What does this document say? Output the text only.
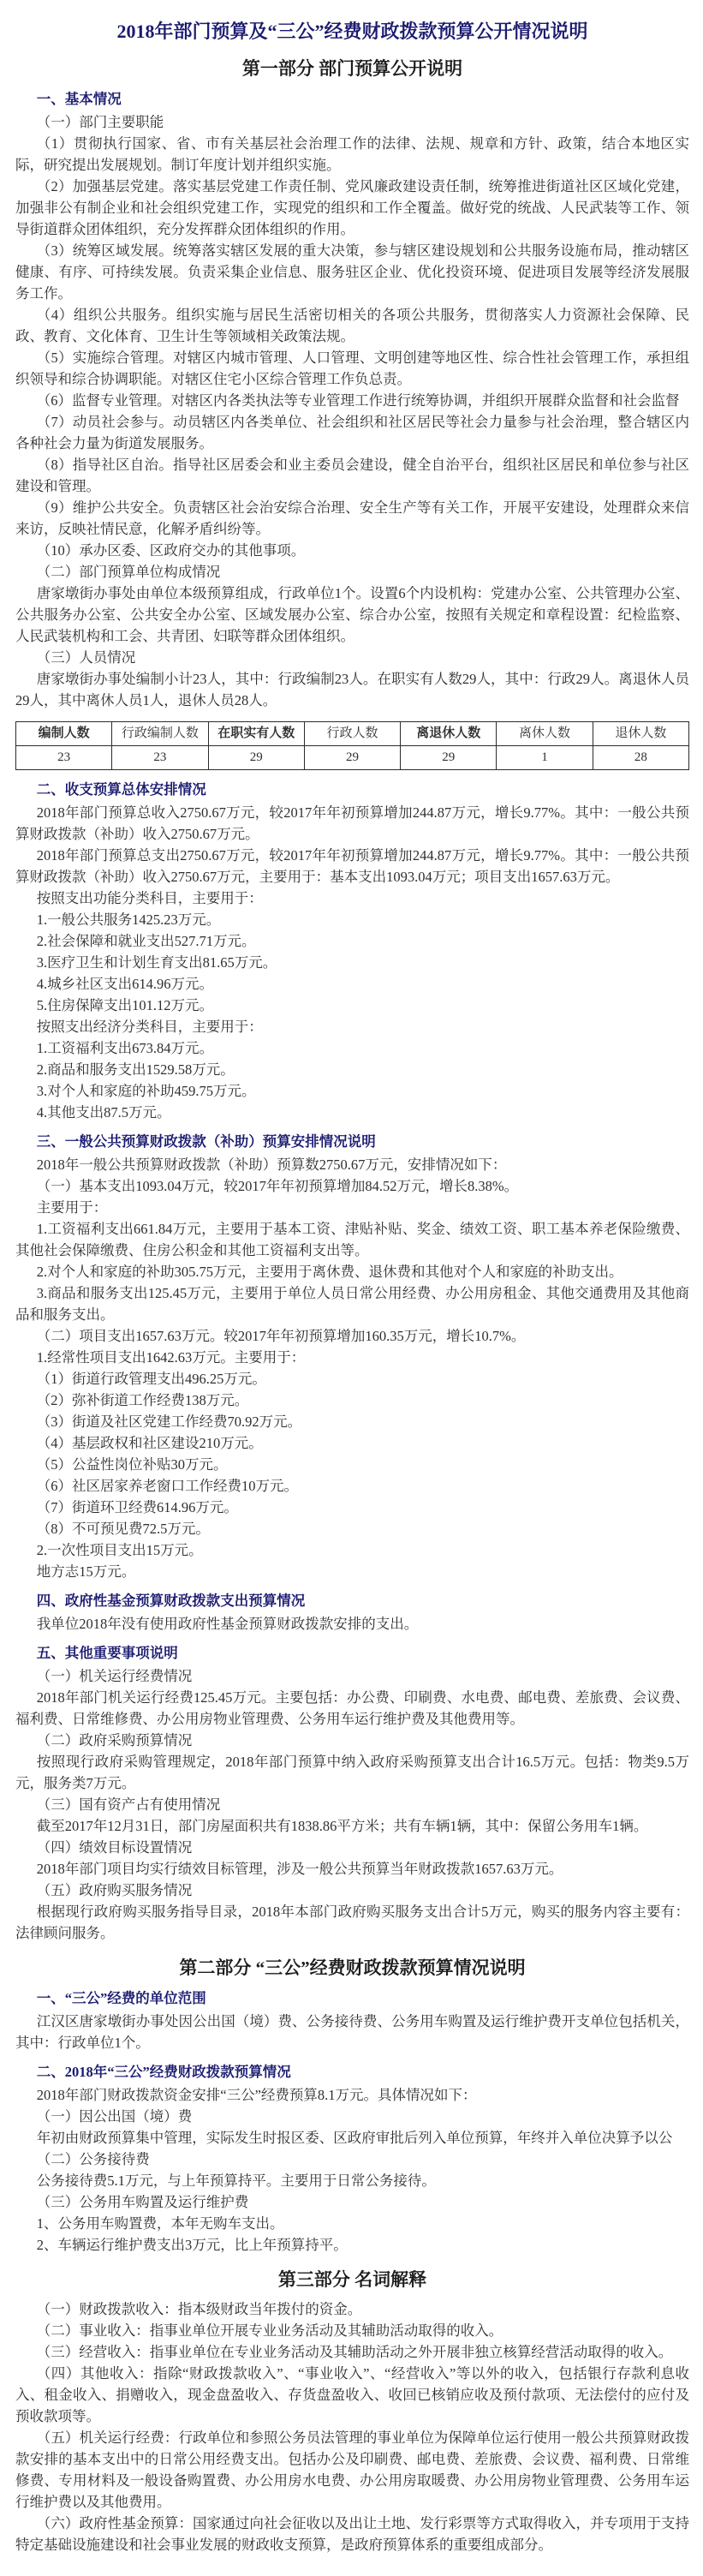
2018年部门预算及“三公”经费财政拨款预算公开情况说明
第一部分 部门预算公开说明
一、基本情况

（一）部门主要职能

（1）贯彻执行国家、省、市有关基层社会治理工作的法律、法规、规章和方针、政策，结合本地区实际，研究提出发展规划。制订年度计划并组织实施。

（2）加强基层党建。落实基层党建工作责任制、党风廉政建设责任制，统筹推进街道社区区域化党建，加强非公有制企业和社会组织党建工作，实现党的组织和工作全覆盖。做好党的统战、人民武装等工作、领导街道群众团体组织，充分发挥群众团体组织的作用。

（3）统筹区域发展。统筹落实辖区发展的重大决策，参与辖区建设规划和公共服务设施布局，推动辖区健康、有序、可持续发展。负责采集企业信息、服务驻区企业、优化投资环境、促进项目发展等经济发展服务工作。

（4）组织公共服务。组织实施与居民生活密切相关的各项公共服务，贯彻落实人力资源社会保障、民政、教育、文化体育、卫生计生等领域相关政策法规。

（5）实施综合管理。对辖区内城市管理、人口管理、文明创建等地区性、综合性社会管理工作，承担组织领导和综合协调职能。对辖区住宅小区综合管理工作负总责。

（6）监督专业管理。对辖区内各类执法等专业管理工作进行统筹协调，并组织开展群众监督和社会监督

（7）动员社会参与。动员辖区内各类单位、社会组织和社区居民等社会力量参与社会治理，整合辖区内各种社会力量为街道发展服务。

（8）指导社区自治。指导社区居委会和业主委员会建设，健全自治平台，组织社区居民和单位参与社区建设和管理。

（9）维护公共安全。负责辖区社会治安综合治理、安全生产等有关工作，开展平安建设，处理群众来信来访，反映社情民意，化解矛盾纠纷等。

（10）承办区委、区政府交办的其他事项。

（二）部门预算单位构成情况

唐家墩街办事处由单位本级预算组成，行政单位1个。设置6个内设机构：党建办公室、公共管理办公室、公共服务办公室、公共安全办公室、区域发展办公室、综合办公室，按照有关规定和章程设置：纪检监察、人民武装机构和工会、共青团、妇联等群众团体组织。

（三）人员情况

唐家墩街办事处编制小计23人，其中：行政编制23人。在职实有人数29人，其中：行政29人。离退休人员29人，其中离休人员1人，退休人员28人。

编制人数	行政编制人数	在职实有人数	行政人数	离退休人数	离休人数	退休人数
23	23	29	29	29	1	28
二、收支预算总体安排情况

2018年部门预算总收入2750.67万元，较2017年年初预算增加244.87万元，增长9.77%。其中：一般公共预算财政拨款（补助）收入2750.67万元。

2018年部门预算总支出2750.67万元，较2017年年初预算增加244.87万元，增长9.77%。其中：一般公共预算财政拨款（补助）收入2750.67万元，主要用于：基本支出1093.04万元；项目支出1657.63万元。

按照支出功能分类科目，主要用于：

1.一般公共服务1425.23万元。

2.社会保障和就业支出527.71万元。

3.医疗卫生和计划生育支出81.65万元。

4.城乡社区支出614.96万元。

5.住房保障支出101.12万元。

按照支出经济分类科目，主要用于：

1.工资福利支出673.84万元。

2.商品和服务支出1529.58万元。

3.对个人和家庭的补助459.75万元。

4.其他支出87.5万元。

三、一般公共预算财政拨款（补助）预算安排情况说明

2018年一般公共预算财政拨款（补助）预算数2750.67万元，安排情况如下：

（一）基本支出1093.04万元，较2017年年初预算增加84.52万元，增长8.38%。

主要用于：

1.工资福利支出661.84万元，主要用于基本工资、津贴补贴、奖金、绩效工资、职工基本养老保险缴费、其他社会保障缴费、住房公积金和其他工资福利支出等。

2.对个人和家庭的补助305.75万元，主要用于离休费、退休费和其他对个人和家庭的补助支出。

3.商品和服务支出125.45万元，主要用于单位人员日常公用经费、办公用房租金、其他交通费用及其他商品和服务支出。

（二）项目支出1657.63万元。较2017年年初预算增加160.35万元，增长10.7%。

1.经常性项目支出1642.63万元。主要用于：

（1）街道行政管理支出496.25万元。

（2）弥补街道工作经费138万元。

（3）街道及社区党建工作经费70.92万元。

（4）基层政权和社区建设210万元。

（5）公益性岗位补贴30万元。

（6）社区居家养老窗口工作经费10万元。

（7）街道环卫经费614.96万元。

（8）不可预见费72.5万元。

2.一次性项目支出15万元。

地方志15万元。

四、政府性基金预算财政拨款支出预算情况

我单位2018年没有使用政府性基金预算财政拨款安排的支出。

五、其他重要事项说明

（一）机关运行经费情况

2018年部门机关运行经费125.45万元。主要包括：办公费、印刷费、水电费、邮电费、差旅费、会议费、福利费、日常维修费、办公用房物业管理费、公务用车运行维护费及其他费用等。

（二）政府采购预算情况

按照现行政府采购管理规定，2018年部门预算中纳入政府采购预算支出合计16.5万元。包括：物类9.5万元，服务类7万元。

（三）国有资产占有使用情况

截至2017年12月31日，部门房屋面积共有1838.86平方米；共有车辆1辆，其中：保留公务用车1辆。

（四）绩效目标设置情况

2018年部门项目均实行绩效目标管理，涉及一般公共预算当年财政拨款1657.63万元。

（五）政府购买服务情况

根据现行政府购买服务指导目录，2018年本部门政府购买服务支出合计5万元，购买的服务内容主要有：法律顾问服务。

第二部分 “三公”经费财政拨款预算情况说明
一、“三公”经费的单位范围

江汉区唐家墩街办事处因公出国（境）费、公务接待费、公务用车购置及运行维护费开支单位包括机关，其中：行政单位1个。

二、2018年“三公”经费财政拨款预算情况

2018年部门财政拨款资金安排“三公”经费预算8.1万元。具体情况如下：

（一）因公出国（境）费

年初由财政预算集中管理，实际发生时报区委、区政府审批后列入单位预算，年终并入单位决算予以公

（二）公务接待费

公务接待费5.1万元，与上年预算持平。主要用于日常公务接待。

（三）公务用车购置及运行维护费

1、公务用车购置费，本年无购车支出。

2、车辆运行维护费支出3万元，比上年预算持平。

第三部分 名词解释

（一）财政拨款收入：指本级财政当年拨付的资金。

（二）事业收入：指事业单位开展专业业务活动及其辅助活动取得的收入。

（三）经营收入：指事业单位在专业业务活动及其辅助活动之外开展非独立核算经营活动取得的收入。

（四）其他收入：指除“财政拨款收入”、“事业收入”、“经营收入”等以外的收入，包括银行存款利息收入、租金收入、捐赠收入，现金盘盈收入、存货盘盈收入、收回已核销应收及预付款项、无法偿付的应付及预收款项等。

（五）机关运行经费：行政单位和参照公务员法管理的事业单位为保障单位运行使用一般公共预算财政拨款安排的基本支出中的日常公用经费支出。包括办公及印刷费、邮电费、差旅费、会议费、福利费、日常维修费、专用材料及一般设备购置费、办公用房水电费、办公用房取暖费、办公用房物业管理费、公务用车运行维护费以及其他费用。

（六）政府性基金预算：国家通过向社会征收以及出让土地、发行彩票等方式取得收入，并专项用于支持特定基础设施建设和社会事业发展的财政收支预算，是政府预算体系的重要组成部分。
